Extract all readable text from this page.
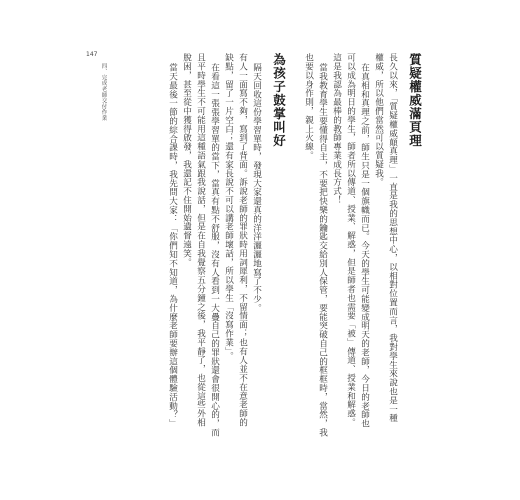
147
四、完成老師交付作業	質疑權威滿頁理
長久以來，「質疑權威顛真理」一直是我的思想中心，以相對位置而言，我對學生來說也是一種
權威，所以他們當然可以質疑我。
在真相和真理之前，師生只是一個旗幟而已。今天的學生可能變成明天的老師，今日的老師也
可以成為明日的學生，師者所以傳道、授業、解惑，但是師者也需要「被」傳道、授業和解惑。
這是我認為最棒的教師專業成長方式！
當我教育學生要懂得自主，不要把快樂的鑰匙交給別人保管，要能突破自己的框框時，當然，我
也要以身作則，親上火線。
為孩子鼓掌叫好
隔天回收這份學習單時，發現大家還真的洋洋灑灑地寫了不少。
有人一面寫不夠，寫到了背面。訴說老師的罪狀時用詞犀利，不留情面；也有人並不在意老師的
缺點，留了一片空白；還有家長說不可以講老師壞話，所以學生「沒寫作業」。
在看這一張張學習單的當下，當真有點不舒服，沒有人看到一大疊自己的罪狀還會很開心的，而
且平時學生不可能用這種語氣跟我說話，但是在自我覺察五分鐘之後，我平靜了，也從這些外相
脫困，甚至從中獲得啟發，我還記不住開始遺督遠笑。
當天最後一節的綜合課時，我先問大家：「你們知不知道，為什麼老師要辦這個體驗活動？」
